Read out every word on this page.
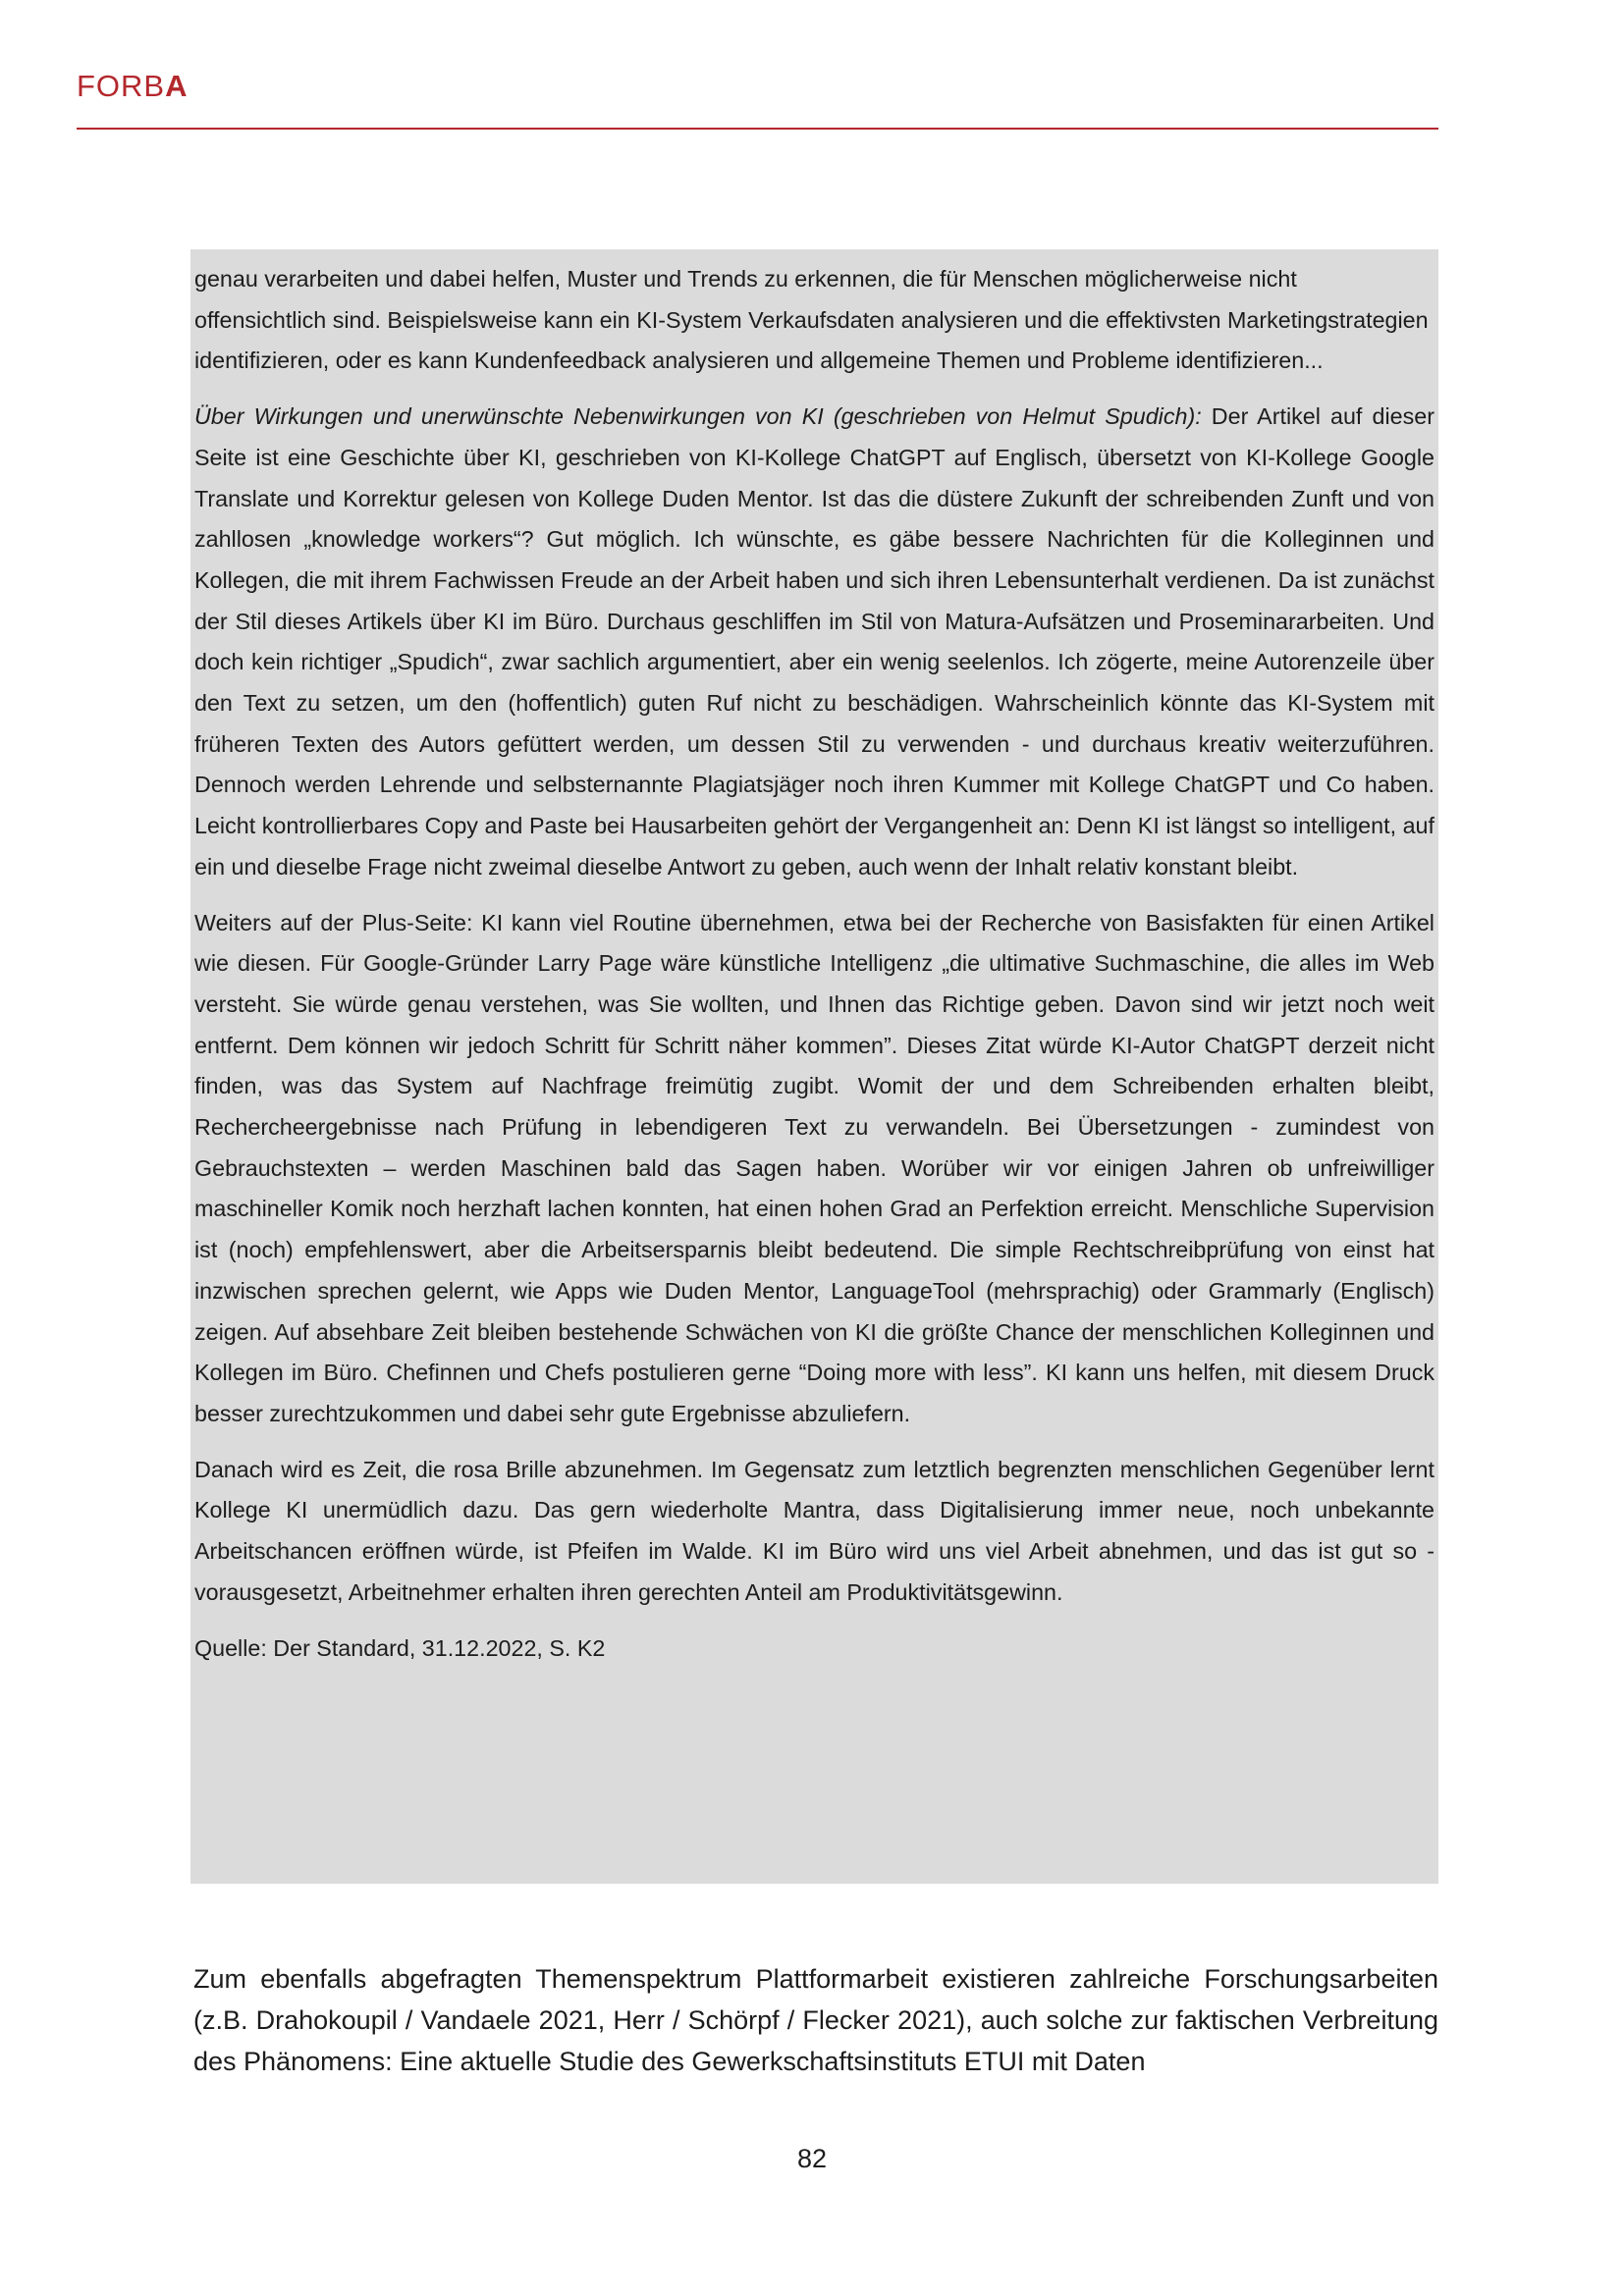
FORBA

genau verarbeiten und dabei helfen, Muster und Trends zu erkennen, die für Menschen möglicherweise nicht offensichtlich sind. Beispielsweise kann ein KI-System Verkaufsdaten analysieren und die effektivsten Marketingstrategien identifizieren, oder es kann Kundenfeedback analysieren und allgemeine Themen und Probleme identifizieren...

Über Wirkungen und unerwünschte Nebenwirkungen von KI (geschrieben von Helmut Spudich): Der Artikel auf dieser Seite ist eine Geschichte über KI, geschrieben von KI-Kollege ChatGPT auf Englisch, übersetzt von KI-Kollege Google Translate und Korrektur gelesen von Kollege Duden Mentor. Ist das die düstere Zukunft der schreibenden Zunft und von zahllosen „knowledge workers“? Gut möglich. Ich wünschte, es gäbe bessere Nachrichten für die Kolleginnen und Kollegen, die mit ihrem Fachwissen Freude an der Arbeit haben und sich ihren Lebensunterhalt verdienen. Da ist zunächst der Stil dieses Artikels über KI im Büro. Durchaus geschliffen im Stil von Matura-Aufsätzen und Proseminararbeiten. Und doch kein richtiger „Spudich“, zwar sachlich argumentiert, aber ein wenig seelenlos. Ich zögerte, meine Autorenzeile über den Text zu setzen, um den (hoffentlich) guten Ruf nicht zu beschädigen. Wahrscheinlich könnte das KI-System mit früheren Texten des Autors gefüttert werden, um dessen Stil zu verwenden - und durchaus kreativ weiterzuführen. Dennoch werden Lehrende und selbsternannte Plagiatsjäger noch ihren Kummer mit Kollege ChatGPT und Co haben. Leicht kontrollierbares Copy and Paste bei Hausarbeiten gehört der Vergangenheit an: Denn KI ist längst so intelligent, auf ein und dieselbe Frage nicht zweimal dieselbe Antwort zu geben, auch wenn der Inhalt relativ konstant bleibt.

Weiters auf der Plus-Seite: KI kann viel Routine übernehmen, etwa bei der Recherche von Basisfakten für einen Artikel wie diesen. Für Google-Gründer Larry Page wäre künstliche Intelligenz „die ultimative Suchmaschine, die alles im Web versteht. Sie würde genau verstehen, was Sie wollten, und Ihnen das Richtige geben. Davon sind wir jetzt noch weit entfernt. Dem können wir jedoch Schritt für Schritt näher kommen”. Dieses Zitat würde KI-Autor ChatGPT derzeit nicht finden, was das System auf Nachfrage freimütig zugibt. Womit der und dem Schreibenden erhalten bleibt, Rechercheergebnisse nach Prüfung in lebendigeren Text zu verwandeln. Bei Übersetzungen - zumindest von Gebrauchstexten – werden Maschinen bald das Sagen haben. Worüber wir vor einigen Jahren ob unfreiwilliger maschineller Komik noch herzhaft lachen konnten, hat einen hohen Grad an Perfektion erreicht. Menschliche Supervision ist (noch) empfehlenswert, aber die Arbeitsersparnis bleibt bedeutend. Die simple Rechtschreibprüfung von einst hat inzwischen sprechen gelernt, wie Apps wie Duden Mentor, LanguageTool (mehrsprachig) oder Grammarly (Englisch) zeigen. Auf absehbare Zeit bleiben bestehende Schwächen von KI die größte Chance der menschlichen Kolleginnen und Kollegen im Büro. Chefinnen und Chefs postulieren gerne “Doing more with less”. KI kann uns helfen, mit diesem Druck besser zurechtzukommen und dabei sehr gute Ergebnisse abzuliefern.

Danach wird es Zeit, die rosa Brille abzunehmen. Im Gegensatz zum letztlich begrenzten menschlichen Gegenüber lernt Kollege KI unermüdlich dazu. Das gern wiederholte Mantra, dass Digitalisierung immer neue, noch unbekannte Arbeitschancen eröffnen würde, ist Pfeifen im Walde. KI im Büro wird uns viel Arbeit abnehmen, und das ist gut so - vorausgesetzt, Arbeitnehmer erhalten ihren gerechten Anteil am Produktivitätsgewinn.

Quelle: Der Standard, 31.12.2022, S. K2

Zum ebenfalls abgefragten Themenspektrum Plattformarbeit existieren zahlreiche Forschungsarbeiten (z.B. Drahokoupil / Vandaele 2021, Herr / Schörpf / Flecker 2021), auch solche zur faktischen Verbreitung des Phänomens: Eine aktuelle Studie des Gewerkschaftsinstituts ETUI mit Daten

82
